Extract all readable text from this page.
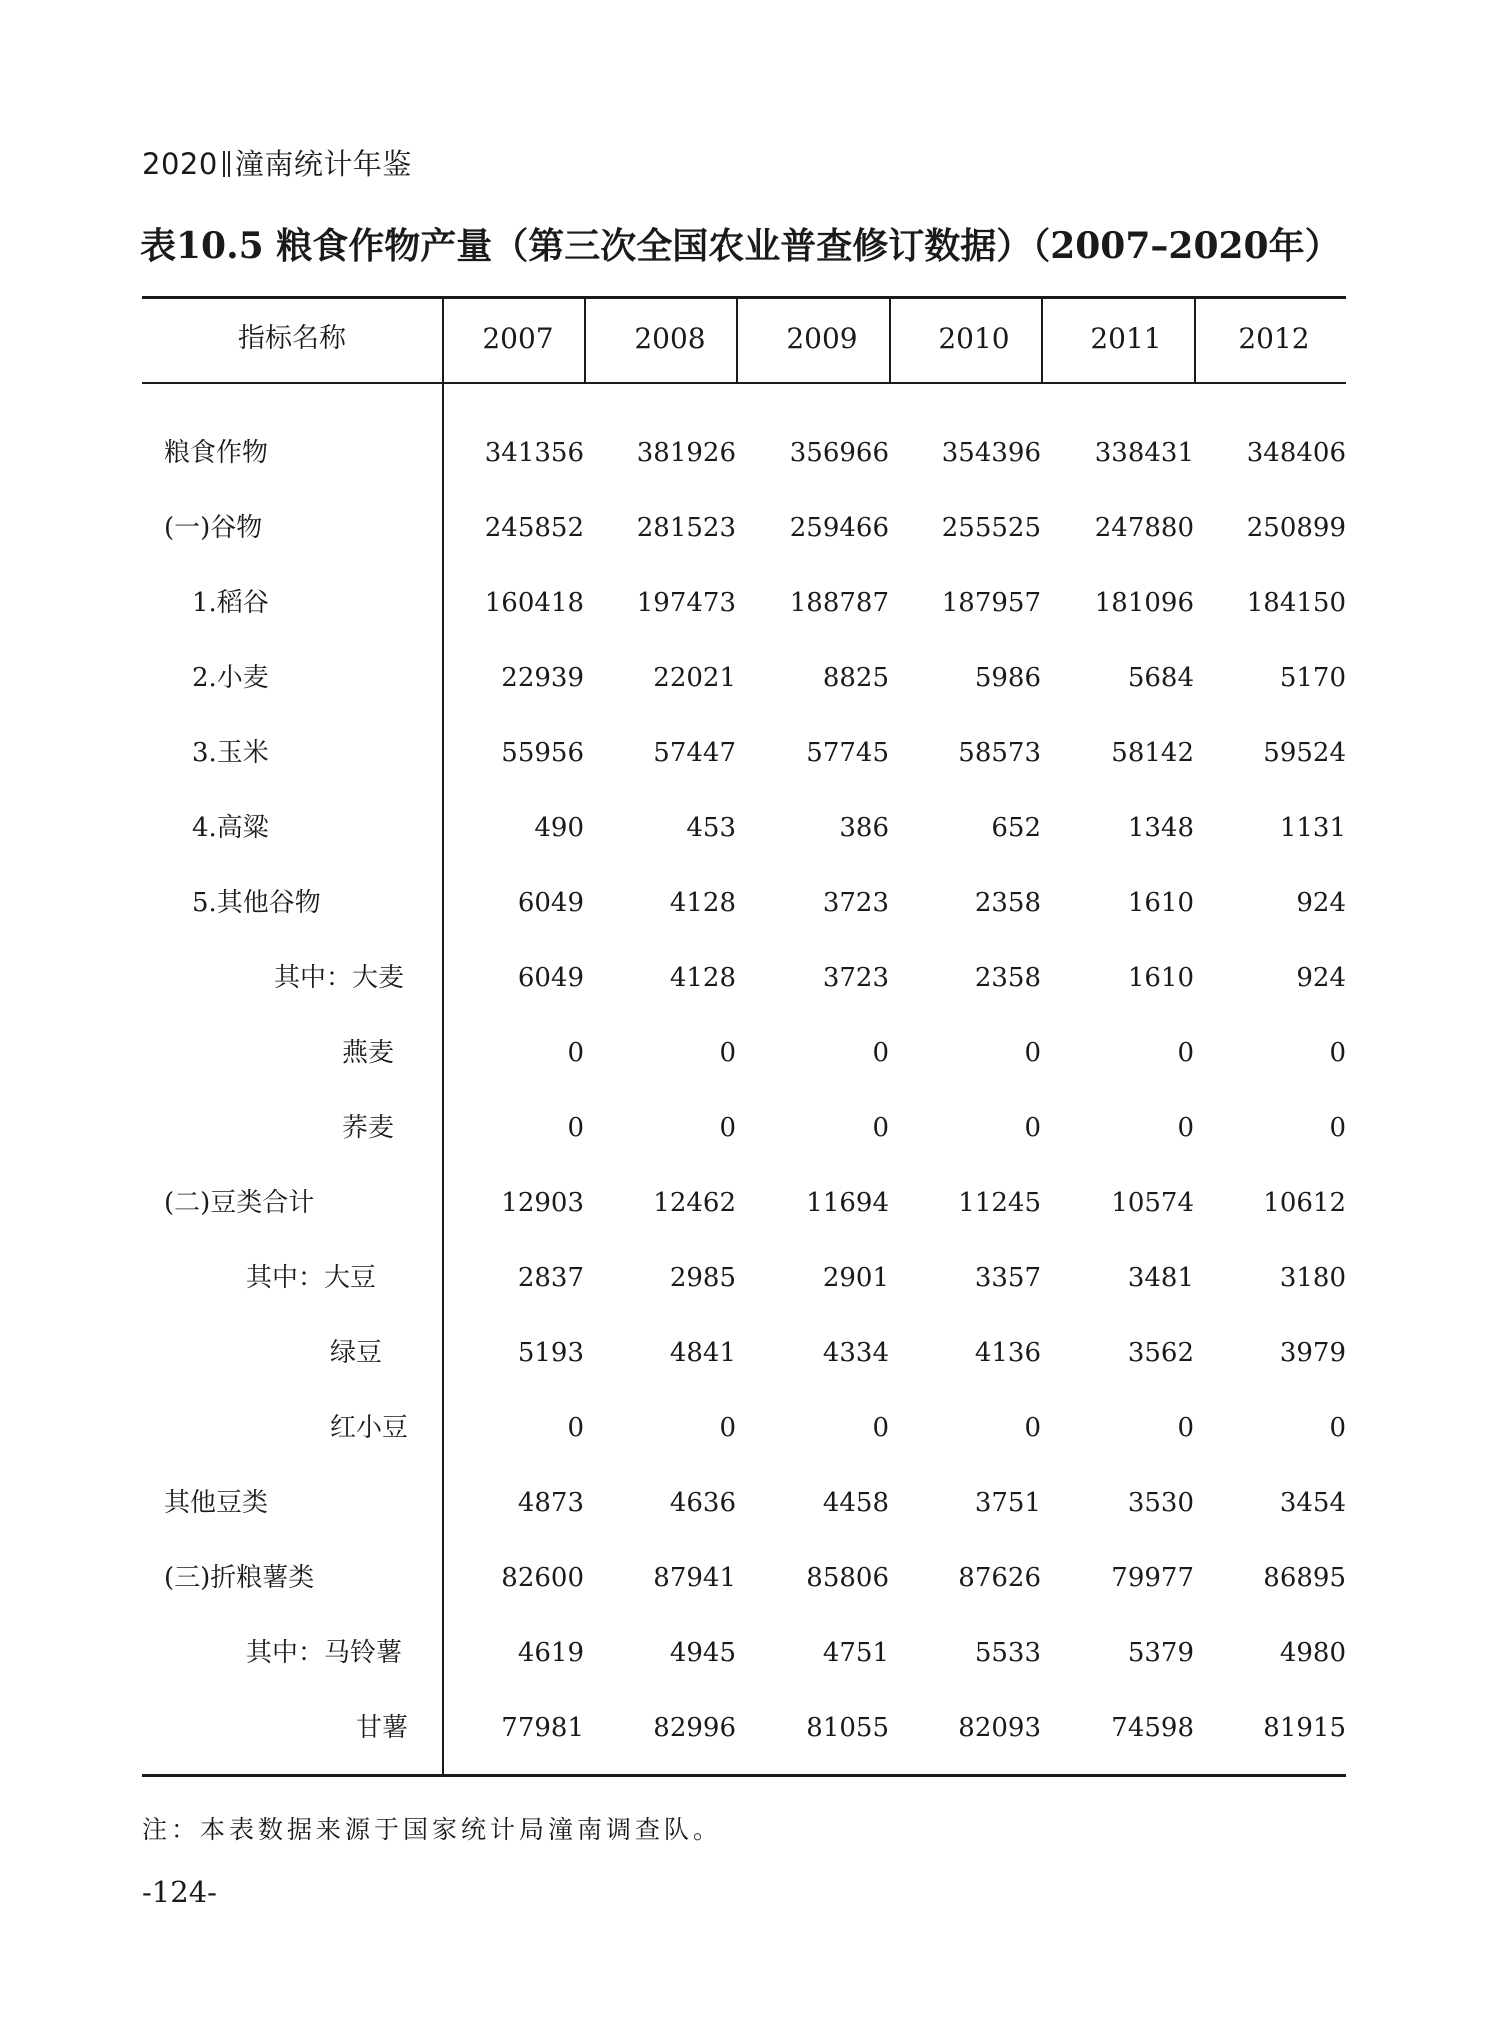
2020 潼南统计年鉴
表10.5 粮食作物产量（第三次全国农业普查修订数据）（2007–2020年）
指标名称	2007	2008	2009	2010	2011	2012
粮食作物	341356	381926	356966	354396	338431	348406
(一)谷物	245852	281523	259466	255525	247880	250899
1.稻谷	160418	197473	188787	187957	181096	184150
2.小麦	22939	22021	8825	5986	5684	5170
3.玉米	55956	57447	57745	58573	58142	59524
4.高粱	490	453	386	652	1348	1131
5.其他谷物	6049	4128	3723	2358	1610	924
其中：大麦	6049	4128	3723	2358	1610	924
燕麦	0	0	0	0	0	0
荞麦	0	0	0	0	0	0
(二)豆类合计	12903	12462	11694	11245	10574	10612
其中：大豆	2837	2985	2901	3357	3481	3180
绿豆	5193	4841	4334	4136	3562	3979
红小豆	0	0	0	0	0	0
其他豆类	4873	4636	4458	3751	3530	3454
(三)折粮薯类	82600	87941	85806	87626	79977	86895
其中：马铃薯	4619	4945	4751	5533	5379	4980
甘薯	77981	82996	81055	82093	74598	81915
注：本表数据来源于国家统计局潼南调查队。
-124-
